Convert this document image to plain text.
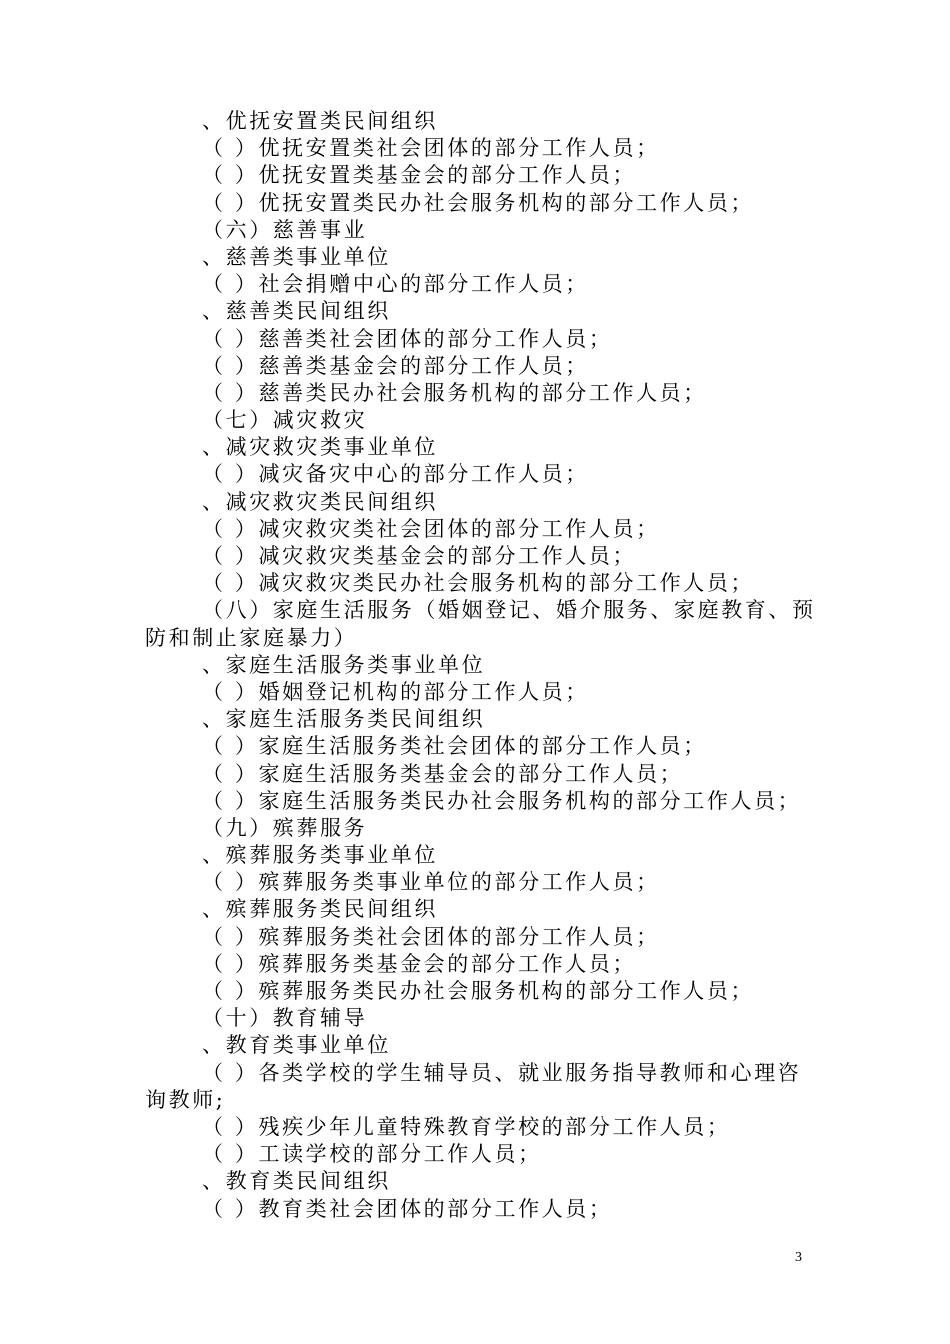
、优抚安置类民间组织
（ ）优抚安置类社会团体的部分工作人员；
（ ）优抚安置类基金会的部分工作人员；
（ ）优抚安置类民办社会服务机构的部分工作人员；
（六）慈善事业
、慈善类事业单位
（ ）社会捐赠中心的部分工作人员；
、慈善类民间组织
（ ）慈善类社会团体的部分工作人员；
（ ）慈善类基金会的部分工作人员；
（ ）慈善类民办社会服务机构的部分工作人员；
（七）减灾救灾
、减灾救灾类事业单位
（ ）减灾备灾中心的部分工作人员；
、减灾救灾类民间组织
（ ）减灾救灾类社会团体的部分工作人员；
（ ）减灾救灾类基金会的部分工作人员；
（ ）减灾救灾类民办社会服务机构的部分工作人员；
（八）家庭生活服务（婚姻登记、婚介服务、家庭教育、预
防和制止家庭暴力）
、家庭生活服务类事业单位
（ ）婚姻登记机构的部分工作人员；
、家庭生活服务类民间组织
（ ）家庭生活服务类社会团体的部分工作人员；
（ ）家庭生活服务类基金会的部分工作人员；
（ ）家庭生活服务类民办社会服务机构的部分工作人员；
（九）殡葬服务
、殡葬服务类事业单位
（ ）殡葬服务类事业单位的部分工作人员；
、殡葬服务类民间组织
（ ）殡葬服务类社会团体的部分工作人员；
（ ）殡葬服务类基金会的部分工作人员；
（ ）殡葬服务类民办社会服务机构的部分工作人员；
（十）教育辅导
、教育类事业单位
（ ）各类学校的学生辅导员、就业服务指导教师和心理咨
询教师;
（ ）残疾少年儿童特殊教育学校的部分工作人员；
（ ）工读学校的部分工作人员；
、教育类民间组织
（ ）教育类社会团体的部分工作人员；
3
